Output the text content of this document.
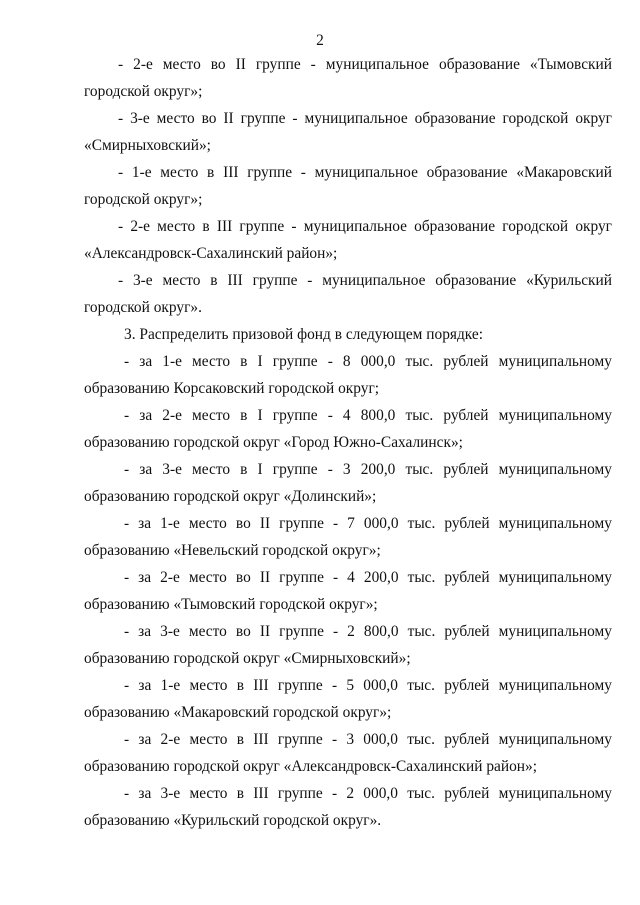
2
- 2-е место во II группе - муниципальное образование «Тымовский
городской округ»;
- 3-е место во II группе - муниципальное образование городской округ
«Смирныховский»;
- 1-е место в III группе - муниципальное образование «Макаровский
городской округ»;
- 2-е место в III группе - муниципальное образование городской округ
«Александровск-Сахалинский район»;
- 3-е место в III группе - муниципальное образование «Курильский
городской округ».
3. Распределить призовой фонд в следующем порядке:
- за 1-е место в I группе - 8 000,0 тыс. рублей муниципальному
образованию Корсаковский городской округ;
- за 2-е место в I группе - 4 800,0 тыс. рублей муниципальному
образованию городской округ «Город Южно-Сахалинск»;
- за 3-е место в I группе - 3 200,0 тыс. рублей муниципальному
образованию городской округ «Долинский»;
- за 1-е место во II группе - 7 000,0 тыс. рублей муниципальному
образованию «Невельский городской округ»;
- за 2-е место во II группе - 4 200,0 тыс. рублей муниципальному
образованию «Тымовский городской округ»;
- за 3-е место во II группе - 2 800,0 тыс. рублей муниципальному
образованию городской округ «Смирныховский»;
- за 1-е место в III группе - 5 000,0 тыс. рублей муниципальному
образованию «Макаровский городской округ»;
- за 2-е место в III группе - 3 000,0 тыс. рублей муниципальному
образованию городской округ «Александровск-Сахалинский район»;
- за 3-е место в III группе - 2 000,0 тыс. рублей муниципальному
образованию «Курильский городской округ».
